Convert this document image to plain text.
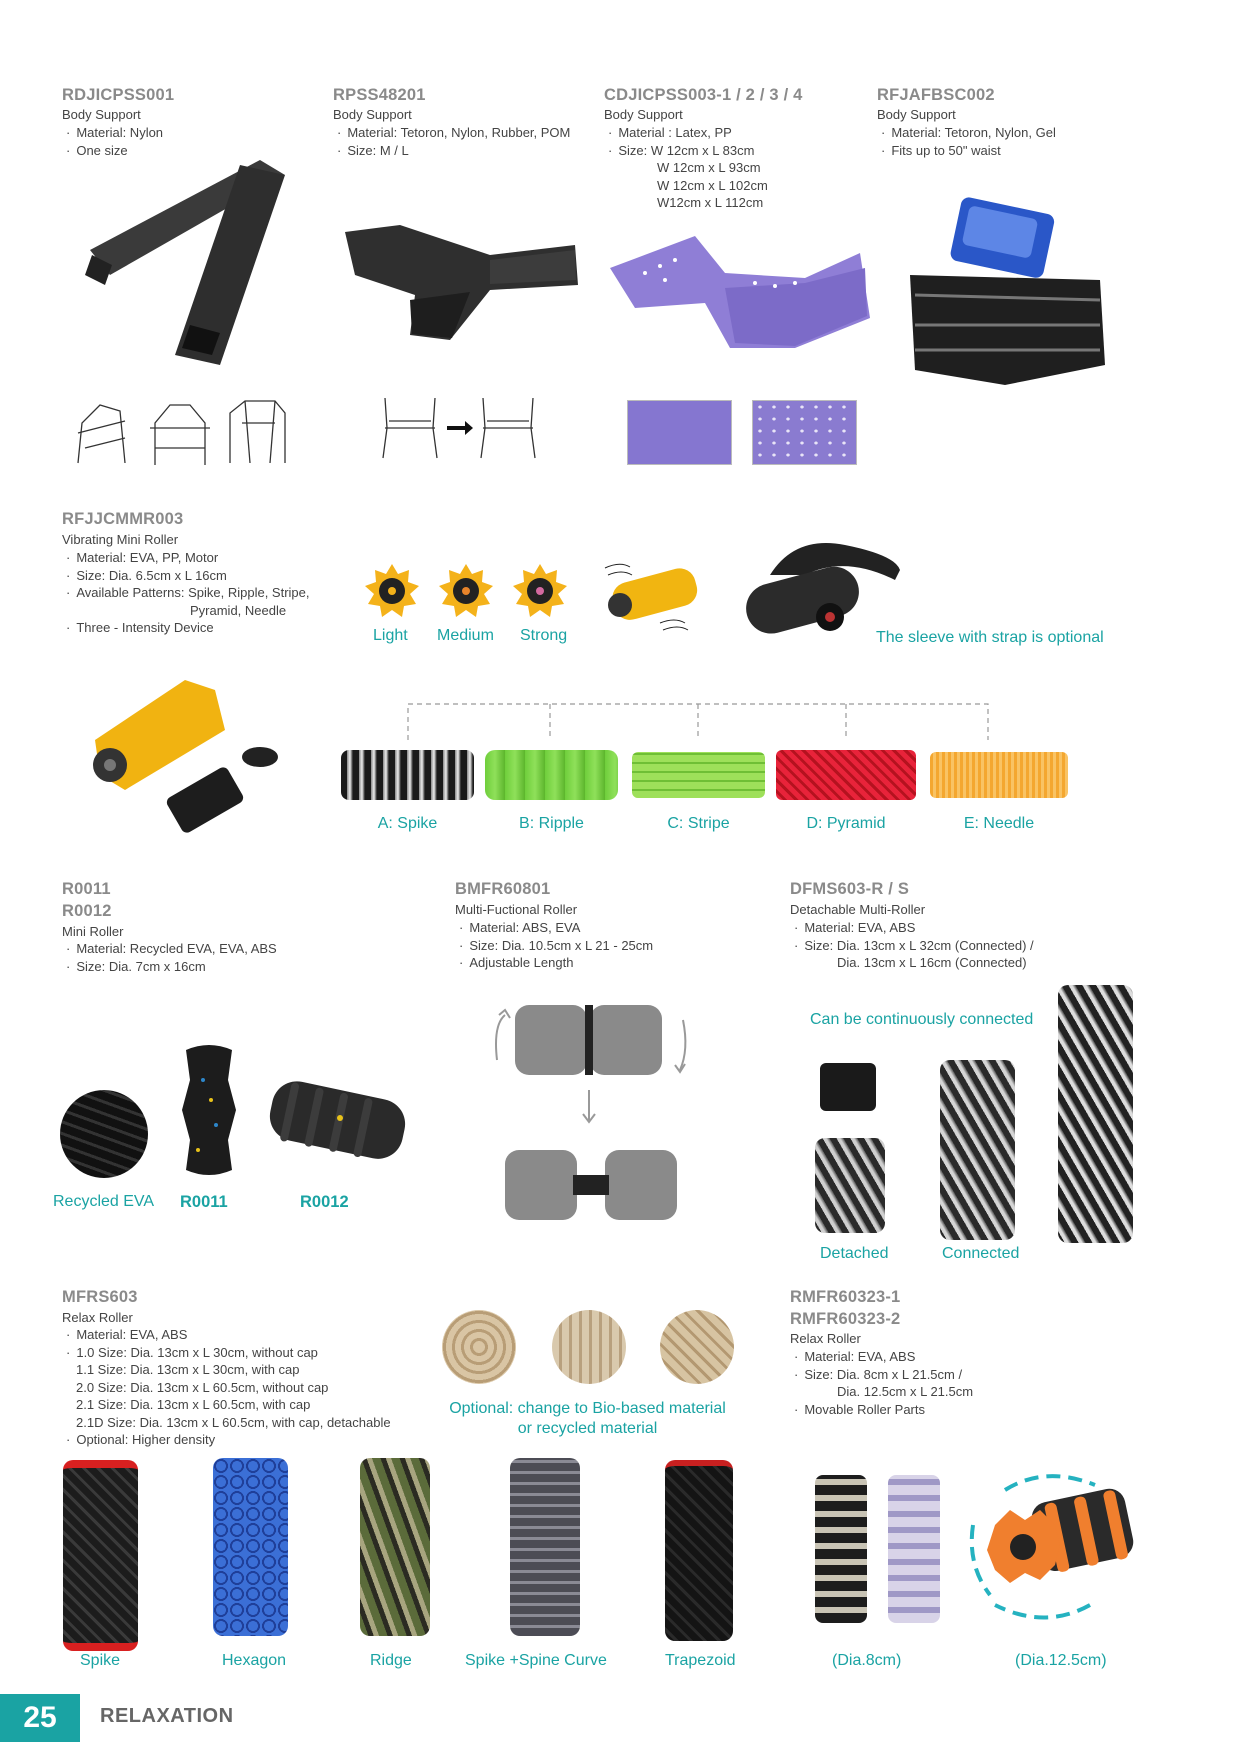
RDJICPSS001
Body Support
· Material: Nylon
· One size
RPSS48201
Body Support
· Material: Tetoron, Nylon, Rubber, POM
· Size: M / L
CDJICPSS003-1 / 2 / 3 / 4
Body Support
· Material : Latex, PP
· Size: W 12cm x L 83cm
W 12cm x L 93cm
W 12cm x L 102cm
W12cm x L 112cm
RFJAFBSC002
Body Support
· Material: Tetoron, Nylon, Gel
· Fits up to 50" waist
RFJJCMMR003
Vibrating Mini Roller
· Material: EVA, PP, Motor
· Size: Dia. 6.5cm x L 16cm
· Available Patterns: Spike, Ripple, Stripe,
Pyramid, Needle
· Three - Intensity Device	Light Medium Strong	The sleeve with strap is optional
A: Spike	B: Ripple	C: Stripe	D: Pyramid	E: Needle
R0011
R0012
Mini Roller
· Material: Recycled EVA, EVA, ABS
· Size: Dia. 7cm x 16cm
Recycled EVA R0011	R0012
BMFR60801
Multi-Fuctional Roller
· Material: ABS, EVA
· Size: Dia. 10.5cm x L 21 - 25cm
· Adjustable Length
DFMS603-R / S
Detachable Multi-Roller
· Material: EVA, ABS
· Size: Dia. 13cm x L 32cm (Connected) /
Dia. 13cm x L 16cm (Connected)
Can be continuously connected
Detached	Connected
MFRS603
Relax Roller
· Material: EVA, ABS
· 1.0 Size: Dia. 13cm x L 30cm, without cap
1.1 Size: Dia. 13cm x L 30cm, with cap
2.0 Size: Dia. 13cm x L 60.5cm, without cap
2.1 Size: Dia. 13cm x L 60.5cm, with cap
2.1D Size: Dia. 13cm x L 60.5cm, with cap, detachable
· Optional: Higher density
Optional: change to Bio-based material
or recycled material
RMFR60323-1
RMFR60323-2
Relax Roller
· Material: EVA, ABS
· Size: Dia. 8cm x L 21.5cm /
Dia. 12.5cm x L 21.5cm
· Movable Roller Parts
Spike	Hexagon	Ridge	Spike +Spine Curve	Trapezoid	(Dia.8cm)	(Dia.12.5cm)
25	RELAXATION
